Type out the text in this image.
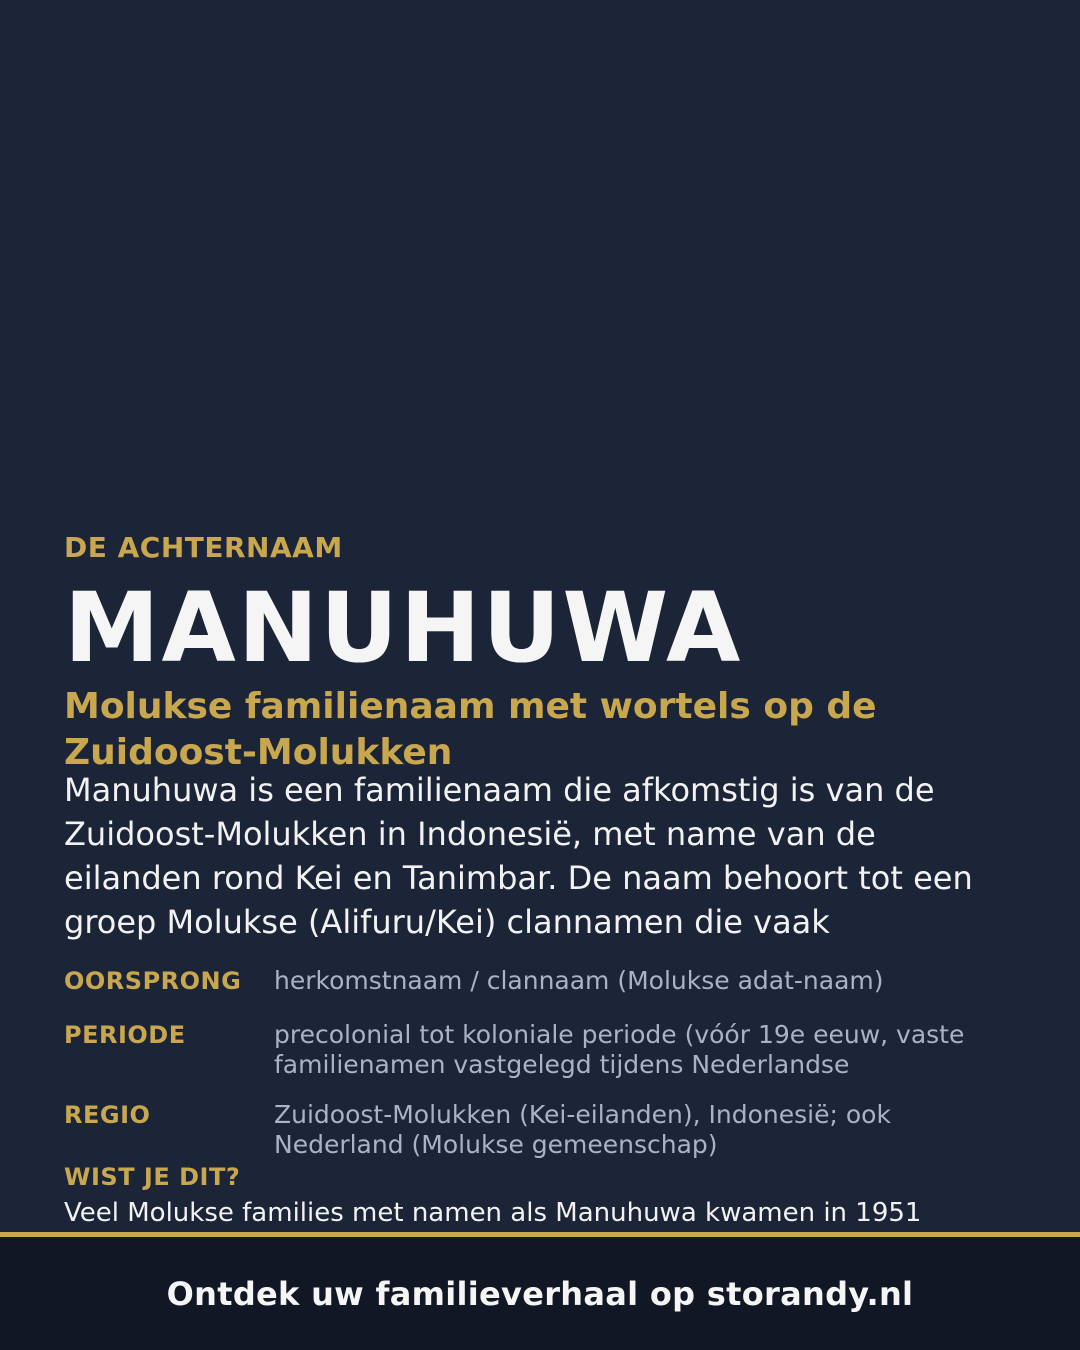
DE ACHTERNAAM
MANUHUWA
Molukse familienaam met wortels op de Zuidoost-Molukken
Manuhuwa is een familienaam die afkomstig is van de Zuidoost-Molukken in Indonesië, met name van de eilanden rond Kei en Tanimbar. De naam behoort tot een groep Molukse (Alifuru/Kei) clannamen die vaak
OORSPRONG	herkomstnaam / clannaam (Molukse adat-naam)
PERIODE	precolonial tot koloniale periode (vóór 19e eeuw, vaste familienamen vastgelegd tijdens Nederlandse
REGIO	Zuidoost-Molukken (Kei-eilanden), Indonesië; ook Nederland (Molukse gemeenschap)
WIST JE DIT?
Veel Molukse families met namen als Manuhuwa kwamen in 1951
Ontdek uw familieverhaal op storandy.nl
